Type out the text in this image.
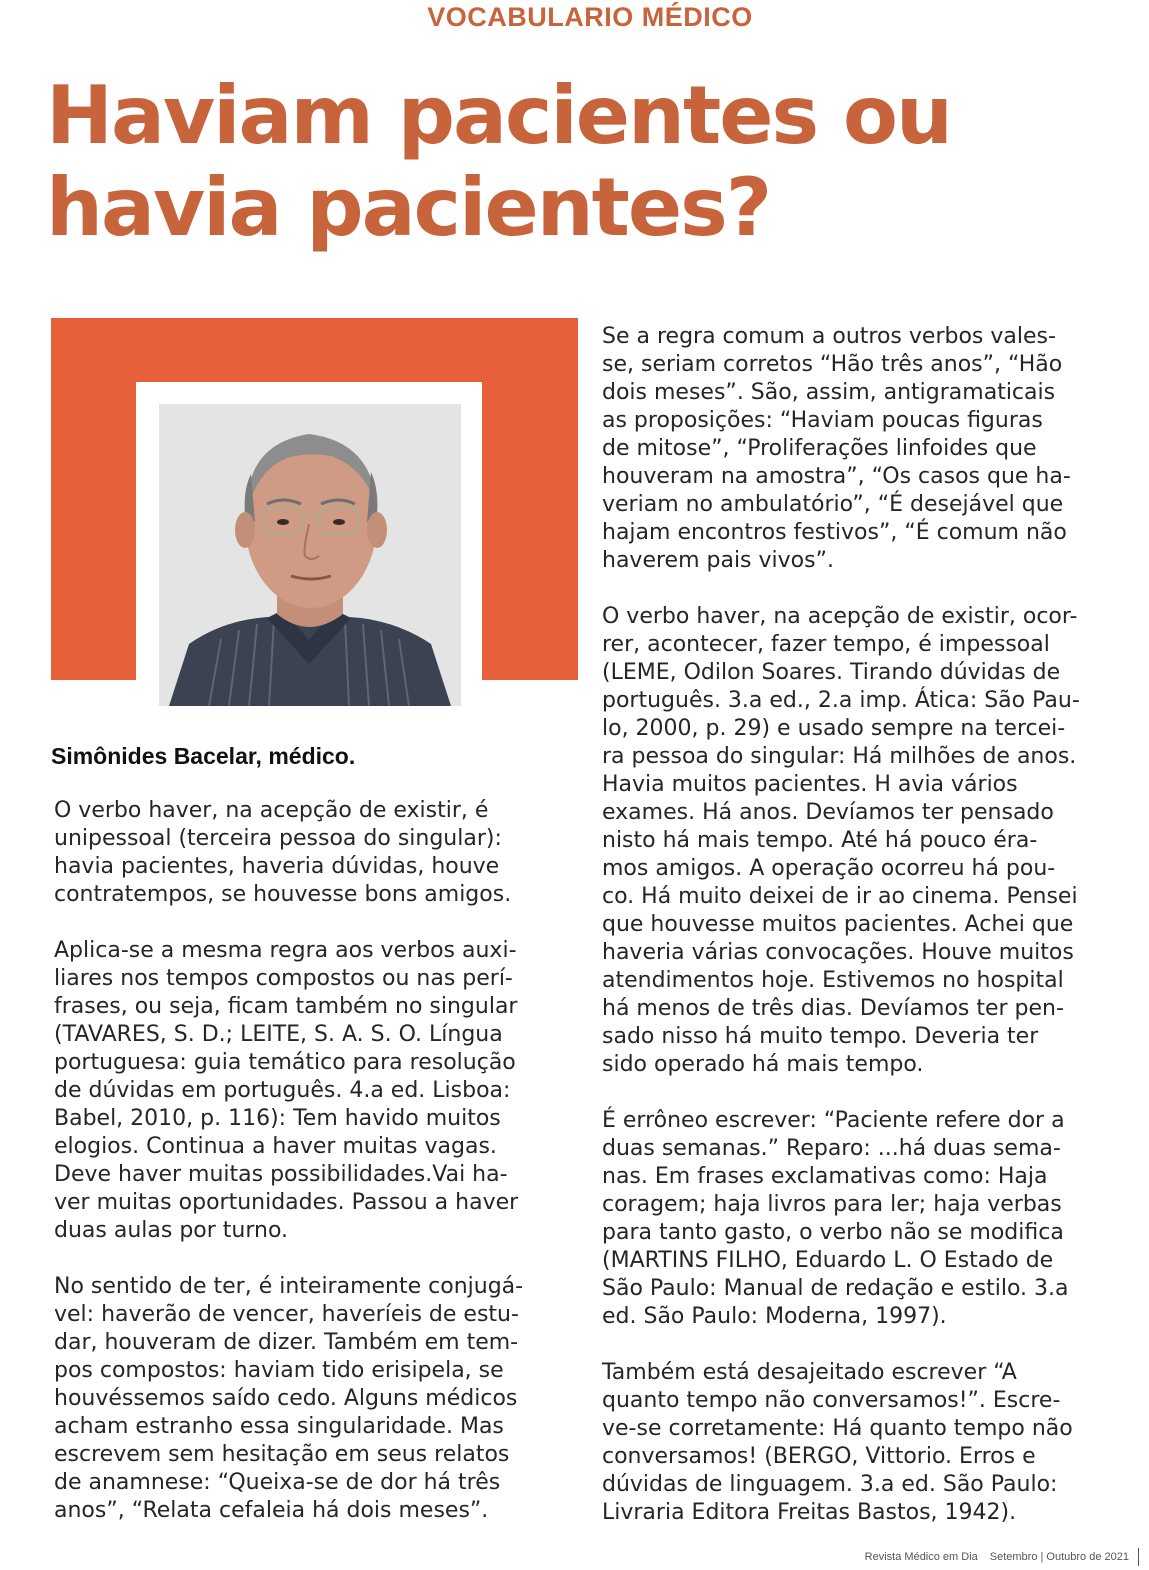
VOCABULARIO MÉDICO
Haviam pacientes ou
havia pacientes?

Simônides Bacelar, médico.

O verbo haver, na acepção de existir, é
unipessoal (terceira pessoa do singular):
havia pacientes, haveria dúvidas, houve
contratempos, se houvesse bons amigos.

Aplica-se a mesma regra aos verbos auxi-
liares nos tempos compostos ou nas perí-
frases, ou seja, ficam também no singular
(TAVARES, S. D.; LEITE, S. A. S. O. Língua
portuguesa: guia temático para resolução
de dúvidas em português. 4.a ed. Lisboa:
Babel, 2010, p. 116): Tem havido muitos
elogios. Continua a haver muitas vagas.
Deve haver muitas possibilidades.Vai ha-
ver muitas oportunidades. Passou a haver
duas aulas por turno.

No sentido de ter, é inteiramente conjugá-
vel: haverão de vencer, haveríeis de estu-
dar, houveram de dizer. Também em tem-
pos compostos: haviam tido erisipela, se
houvéssemos saído cedo. Alguns médicos
acham estranho essa singularidade. Mas
escrevem sem hesitação em seus relatos
de anamnese: “Queixa-se de dor há três
anos”, “Relata cefaleia há dois meses”.

Se a regra comum a outros verbos vales-
se, seriam corretos “Hão três anos”, “Hão
dois meses”. São, assim, antigramaticais
as proposições: “Haviam poucas figuras
de mitose”, “Proliferações linfoides que
houveram na amostra”, “Os casos que ha-
veriam no ambulatório”, “É desejável que
hajam encontros festivos”, “É comum não
haverem pais vivos”.

O verbo haver, na acepção de existir, ocor-
rer, acontecer, fazer tempo, é impessoal
(LEME, Odilon Soares. Tirando dúvidas de
português. 3.a ed., 2.a imp. Ática: São Pau-
lo, 2000, p. 29) e usado sempre na tercei-
ra pessoa do singular: Há milhões de anos.
Havia muitos pacientes. H avia vários
exames. Há anos. Devíamos ter pensado
nisto há mais tempo. Até há pouco éra-
mos amigos. A operação ocorreu há pou-
co. Há muito deixei de ir ao cinema. Pensei
que houvesse muitos pacientes. Achei que
haveria várias convocações. Houve muitos
atendimentos hoje. Estivemos no hospital
há menos de três dias. Devíamos ter pen-
sado nisso há muito tempo. Deveria ter
sido operado há mais tempo.

É errôneo escrever: “Paciente refere dor a
duas semanas.” Reparo: ...há duas sema-
nas. Em frases exclamativas como: Haja
coragem; haja livros para ler; haja verbas
para tanto gasto, o verbo não se modifica
(MARTINS FILHO, Eduardo L. O Estado de
São Paulo: Manual de redação e estilo. 3.a
ed. São Paulo: Moderna, 1997).

Também está desajeitado escrever “A
quanto tempo não conversamos!”. Escre-
ve-se corretamente: Há quanto tempo não
conversamos! (BERGO, Vittorio. Erros e
dúvidas de linguagem. 3.a ed. São Paulo:
Livraria Editora Freitas Bastos, 1942).

Revista Médico em Dia Setembro | Outubro de 2021
